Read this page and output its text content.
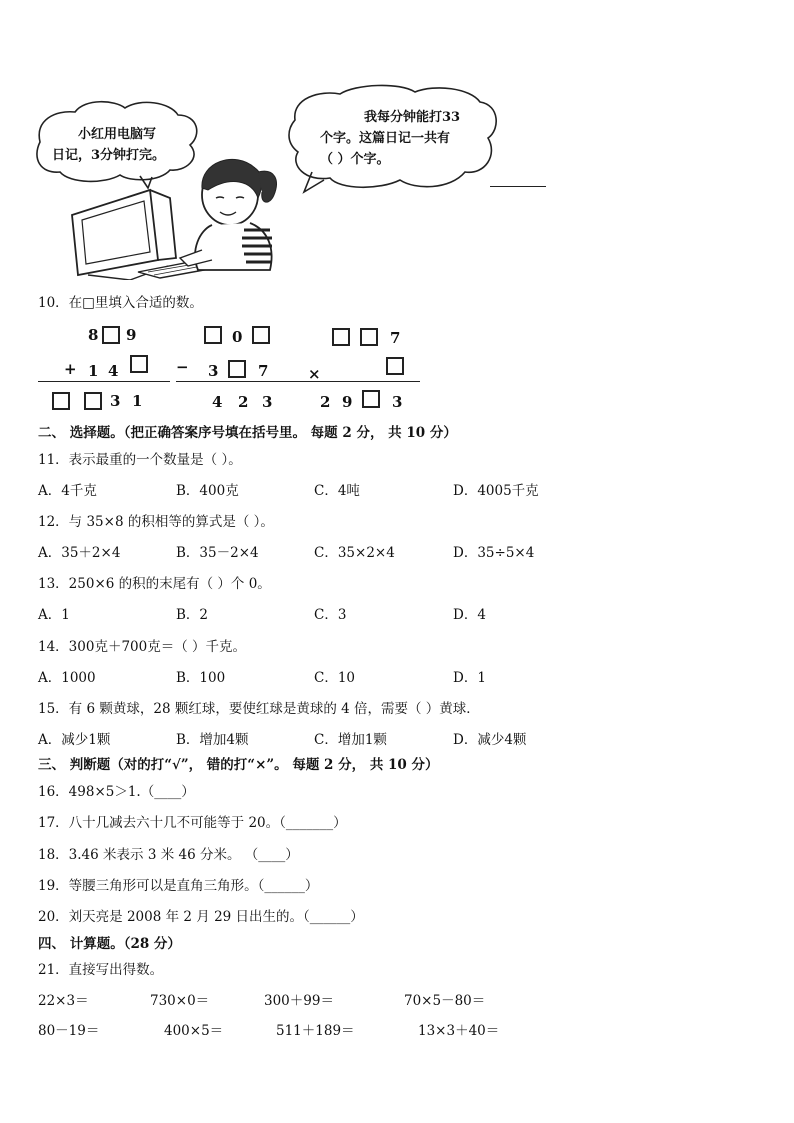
小红用电脑写
日记，3分钟打完。
我每分钟能打33
个字。这篇日记一共有
（ ）个字。
10．在□里填入合适的数。
8 9
+ 1 4
3 1
0
− 3	7
4 2 3
7
×
2 9	3
二、 选择题。（把正确答案序号填在括号里。 每题 2 分， 共 10 分）
11．表示最重的一个数量是（ ）。
A．4千克	B．400克	C．4吨	D．4005千克
12．与 35×8 的积相等的算式是（ ）。
A．35＋2×4	B．35－2×4	C．35×2×4	D．35÷5×4
13．250×6 的积的末尾有（ ）个 0。
A．1	B．2	C．3	D．4
14．300克＋700克＝（ ）千克。
A．1000	B．100	C．10	D．1
15．有 6 颗黄球，28 颗红球，要使红球是黄球的 4 倍，需要（ ）黄球．
A．减少1颗	B．增加4颗	C．增加1颗	D．减少4颗
三、 判断题（对的打“√”， 错的打“×”。 每题 2 分， 共 10 分）
16．498×5＞1.（____）
17．八十几减去六十几不可能等于 20。（_______）
18．3.46 米表示 3 米 46 分米。 （____）
19．等腰三角形可以是直角三角形。（______）
20．刘天亮是 2008 年 2 月 29 日出生的。（______）
四、 计算题。（28 分）
21．直接写出得数。
22×3＝	730×0＝	300＋99＝	70×5－80＝
80－19＝	400×5＝	511＋189＝	13×3＋40＝
